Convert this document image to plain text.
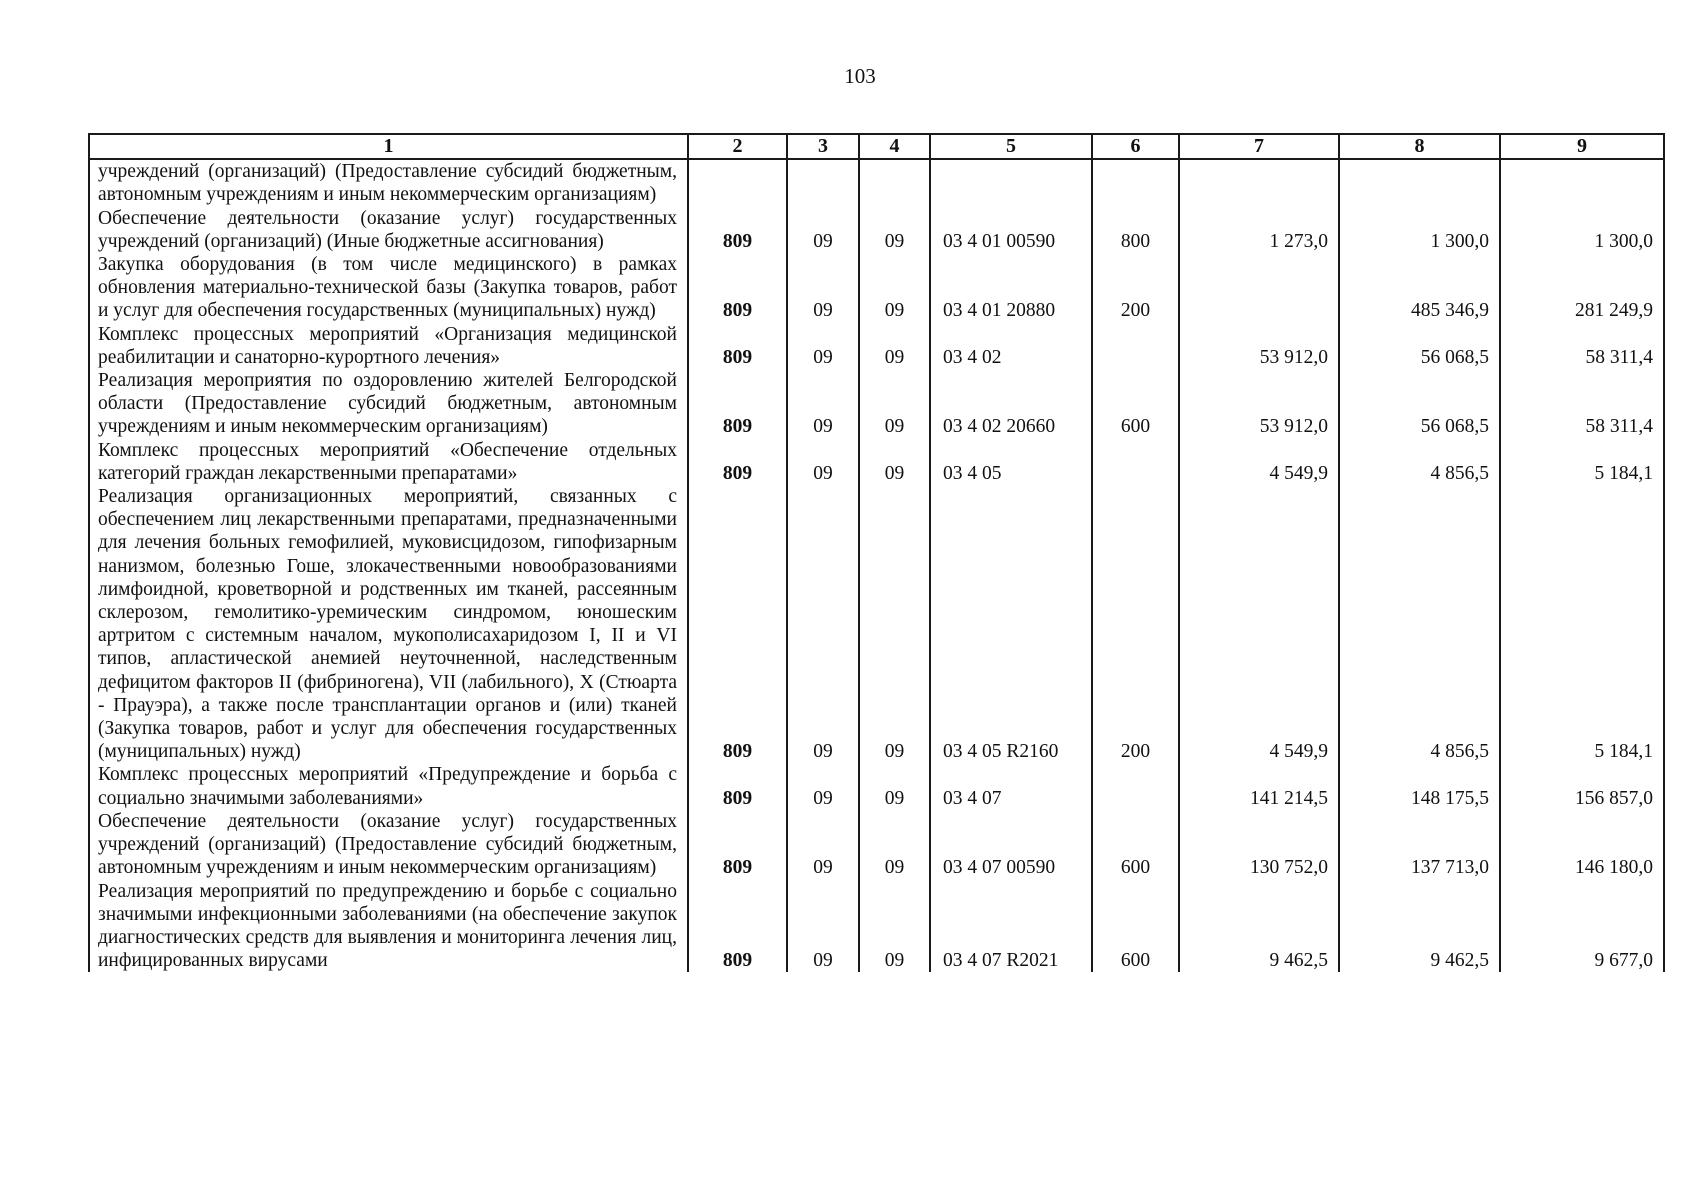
103
1	2	3	4	5	6	7	8	9
учреждений (организаций) (Предоставление субсидий бюджетным, автономным учреждениям и иным некоммерческим организациям)								
Обеспечение деятельности (оказание услуг) государственных учреждений (организаций) (Иные бюджетные ассигнования)	809	09	09	03 4 01 00590	800	1 273,0	1 300,0	1 300,0
Закупка оборудования (в том числе медицинского) в рамках обновления материально-технической базы (Закупка товаров, работ и услуг для обеспечения государственных (муниципальных) нужд)	809	09	09	03 4 01 20880	200		485 346,9	281 249,9
Комплекс процессных мероприятий «Организация медицинской реабилитации и санаторно-курортного лечения»	809	09	09	03 4 02		53 912,0	56 068,5	58 311,4
Реализация мероприятия по оздоровлению жителей Белгородской области (Предоставление субсидий бюджетным, автономным учреждениям и иным некоммерческим организациям)	809	09	09	03 4 02 20660	600	53 912,0	56 068,5	58 311,4
Комплекс процессных мероприятий «Обеспечение отдельных категорий граждан лекарственными препаратами»	809	09	09	03 4 05		4 549,9	4 856,5	5 184,1
Реализация организационных мероприятий, связанных с обеспечением лиц лекарственными препаратами, предназначенными для лечения больных гемофилией, муковисцидозом, гипофизарным нанизмом, болезнью Гоше, злокачественными новообразованиями лимфоидной, кроветворной и родственных им тканей, рассеянным склерозом, гемолитико-уремическим синдромом, юношеским артритом с системным началом, мукополисахаридозом I, II и VI типов, апластической анемией неуточненной, наследственным дефицитом факторов II (фибриногена), VII (лабильного), X (Стюарта - Прауэра), а также после трансплантации органов и (или) тканей (Закупка товаров, работ и услуг для обеспечения государственных (муниципальных) нужд)	809	09	09	03 4 05 R2160	200	4 549,9	4 856,5	5 184,1
Комплекс процессных мероприятий «Предупреждение и борьба с социально значимыми заболеваниями»	809	09	09	03 4 07		141 214,5	148 175,5	156 857,0
Обеспечение деятельности (оказание услуг) государственных учреждений (организаций) (Предоставление субсидий бюджетным, автономным учреждениям и иным некоммерческим организациям)	809	09	09	03 4 07 00590	600	130 752,0	137 713,0	146 180,0
Реализация мероприятий по предупреждению и борьбе с социально значимыми инфекционными заболеваниями (на обеспечение закупок диагностических средств для выявления и мониторинга лечения лиц, инфицированных вирусами	809	09	09	03 4 07 R2021	600	9 462,5	9 462,5	9 677,0
